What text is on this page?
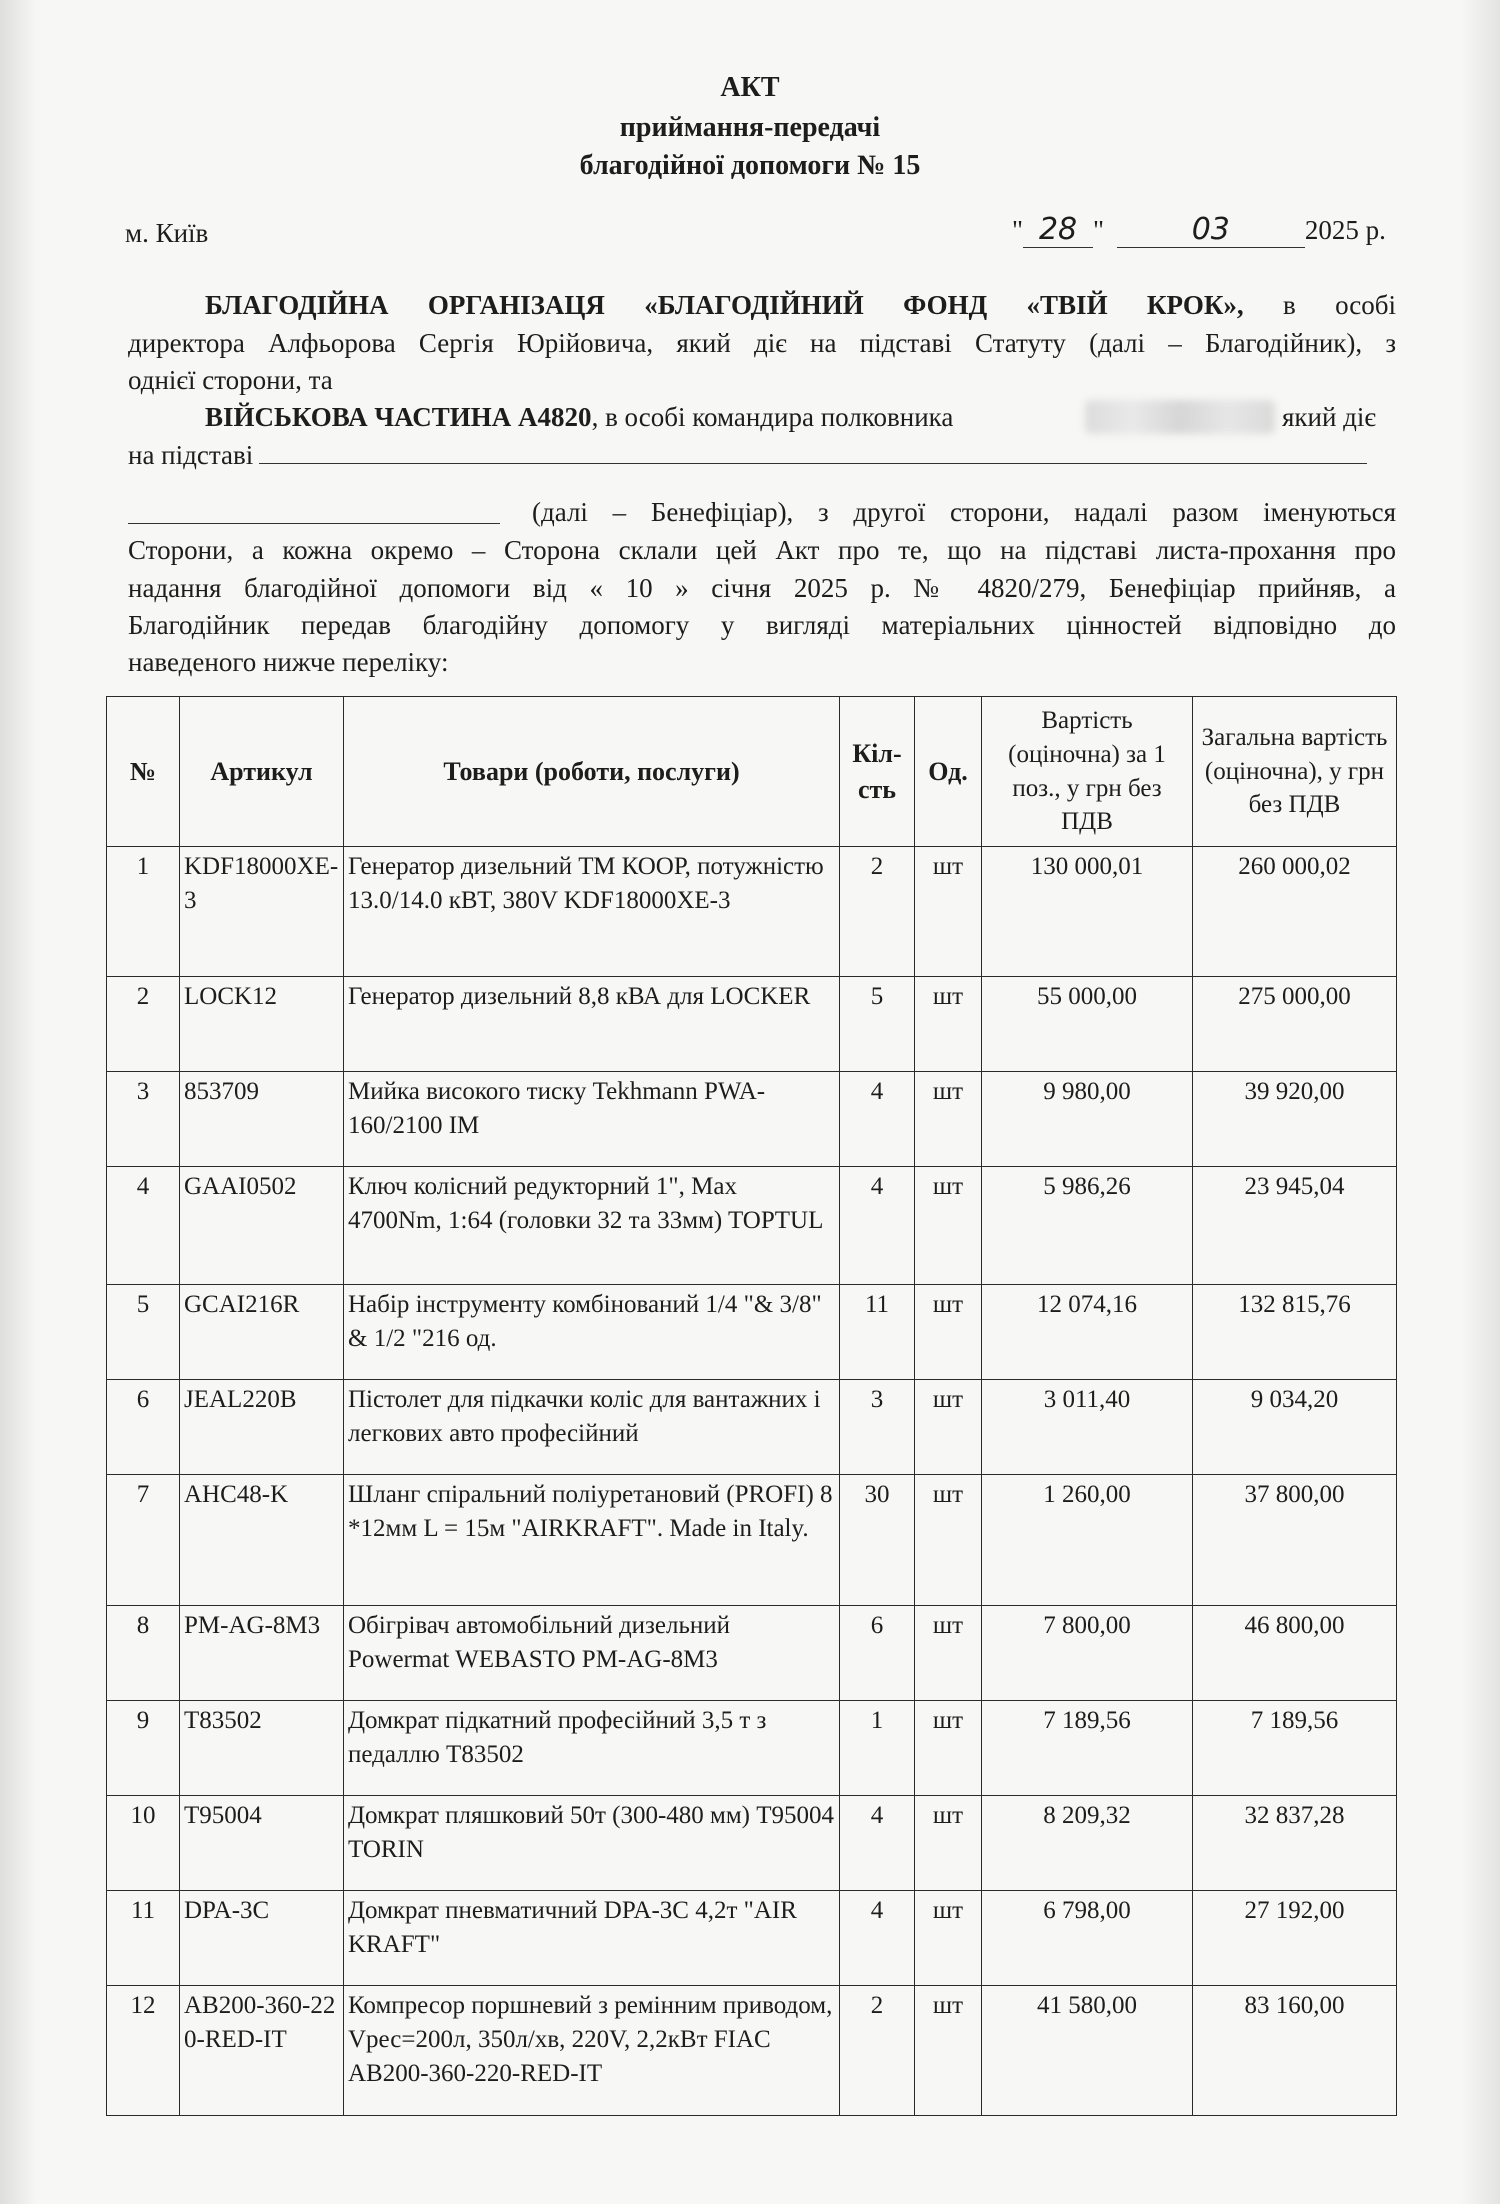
АКТ
приймання-передачі
благодійної допомоги № 15
м. Київ	" 28 "	03	2025 р.
БЛАГОДІЙНА ОРГАНІЗАЦЯ «БЛАГОДІЙНИЙ ФОНД «ТВІЙ КРОК», в особі
директора Алфьорова Сергія Юрійовича, який діє на підставі Статуту (далі – Благодійник), з
однієї сторони, та
ВІЙСЬКОВА ЧАСТИНА А4820, в особі командира полковника	який діє
на підставі
(далі – Бенефіціар), з другої сторони, надалі разом іменуються
Сторони, а кожна окремо – Сторона склали цей Акт про те, що на підставі листа-прохання про
надання благодійної допомоги від « 10 » січня 2025 р. № 4820/279, Бенефіціар прийняв, а
Благодійник передав благодійну допомогу у вигляді матеріальних цінностей відповідно до
наведеного нижче переліку:
№	Артикул	Товари (роботи, послуги)	Кіл-сть	Од.	Вартість (оціночна) за 1 поз., у грн без ПДВ	Загальна вартість (оціночна), у грн без ПДВ
1	KDF18000XE-3	Генератор дизельний ТМ КООР, потужністю 13.0/14.0 кВТ, 380V KDF18000XE-3	2	шт	130 000,01	260 000,02
2	LOCK12	Генератор дизельний 8,8 кВА для LOCKER	5	шт	55 000,00	275 000,00
3	853709	Мийка високого тиску Tekhmann PWA-160/2100 IM	4	шт	9 980,00	39 920,00
4	GAAI0502	Ключ колісний редукторний 1", Max 4700Nm, 1:64 (головки 32 та 33мм) TOPTUL	4	шт	5 986,26	23 945,04
5	GCAI216R	Набір інструменту комбінований 1/4 "& 3/8" & 1/2 "216 од.	11	шт	12 074,16	132 815,76
6	JEAL220B	Пістолет для підкачки коліс для вантажних і легкових авто професійний	3	шт	3 011,40	9 034,20
7	AHC48-K	Шланг спіральний поліуретановий (PROFI) 8 *12мм L = 15м "AIRKRAFT". Made in Italy.	30	шт	1 260,00	37 800,00
8	PM-AG-8M3	Обігрівач автомобільний дизельний Powermat WEBASTO PM-AG-8M3	6	шт	7 800,00	46 800,00
9	T83502	Домкрат підкатний професійний 3,5 т з педаллю T83502	1	шт	7 189,56	7 189,56
10	T95004	Домкрат пляшковий 50т (300-480 мм) T95004 TORIN	4	шт	8 209,32	32 837,28
11	DPA-3C	Домкрат пневматичний DPA-3C 4,2т "AIR KRAFT"	4	шт	6 798,00	27 192,00
12	AB200-360-220-RED-IT	Компресор поршневий з ремінним приводом, Vрес=200л, 350л/хв, 220V, 2,2кВт FIAC AB200-360-220-RED-IT	2	шт	41 580,00	83 160,00
